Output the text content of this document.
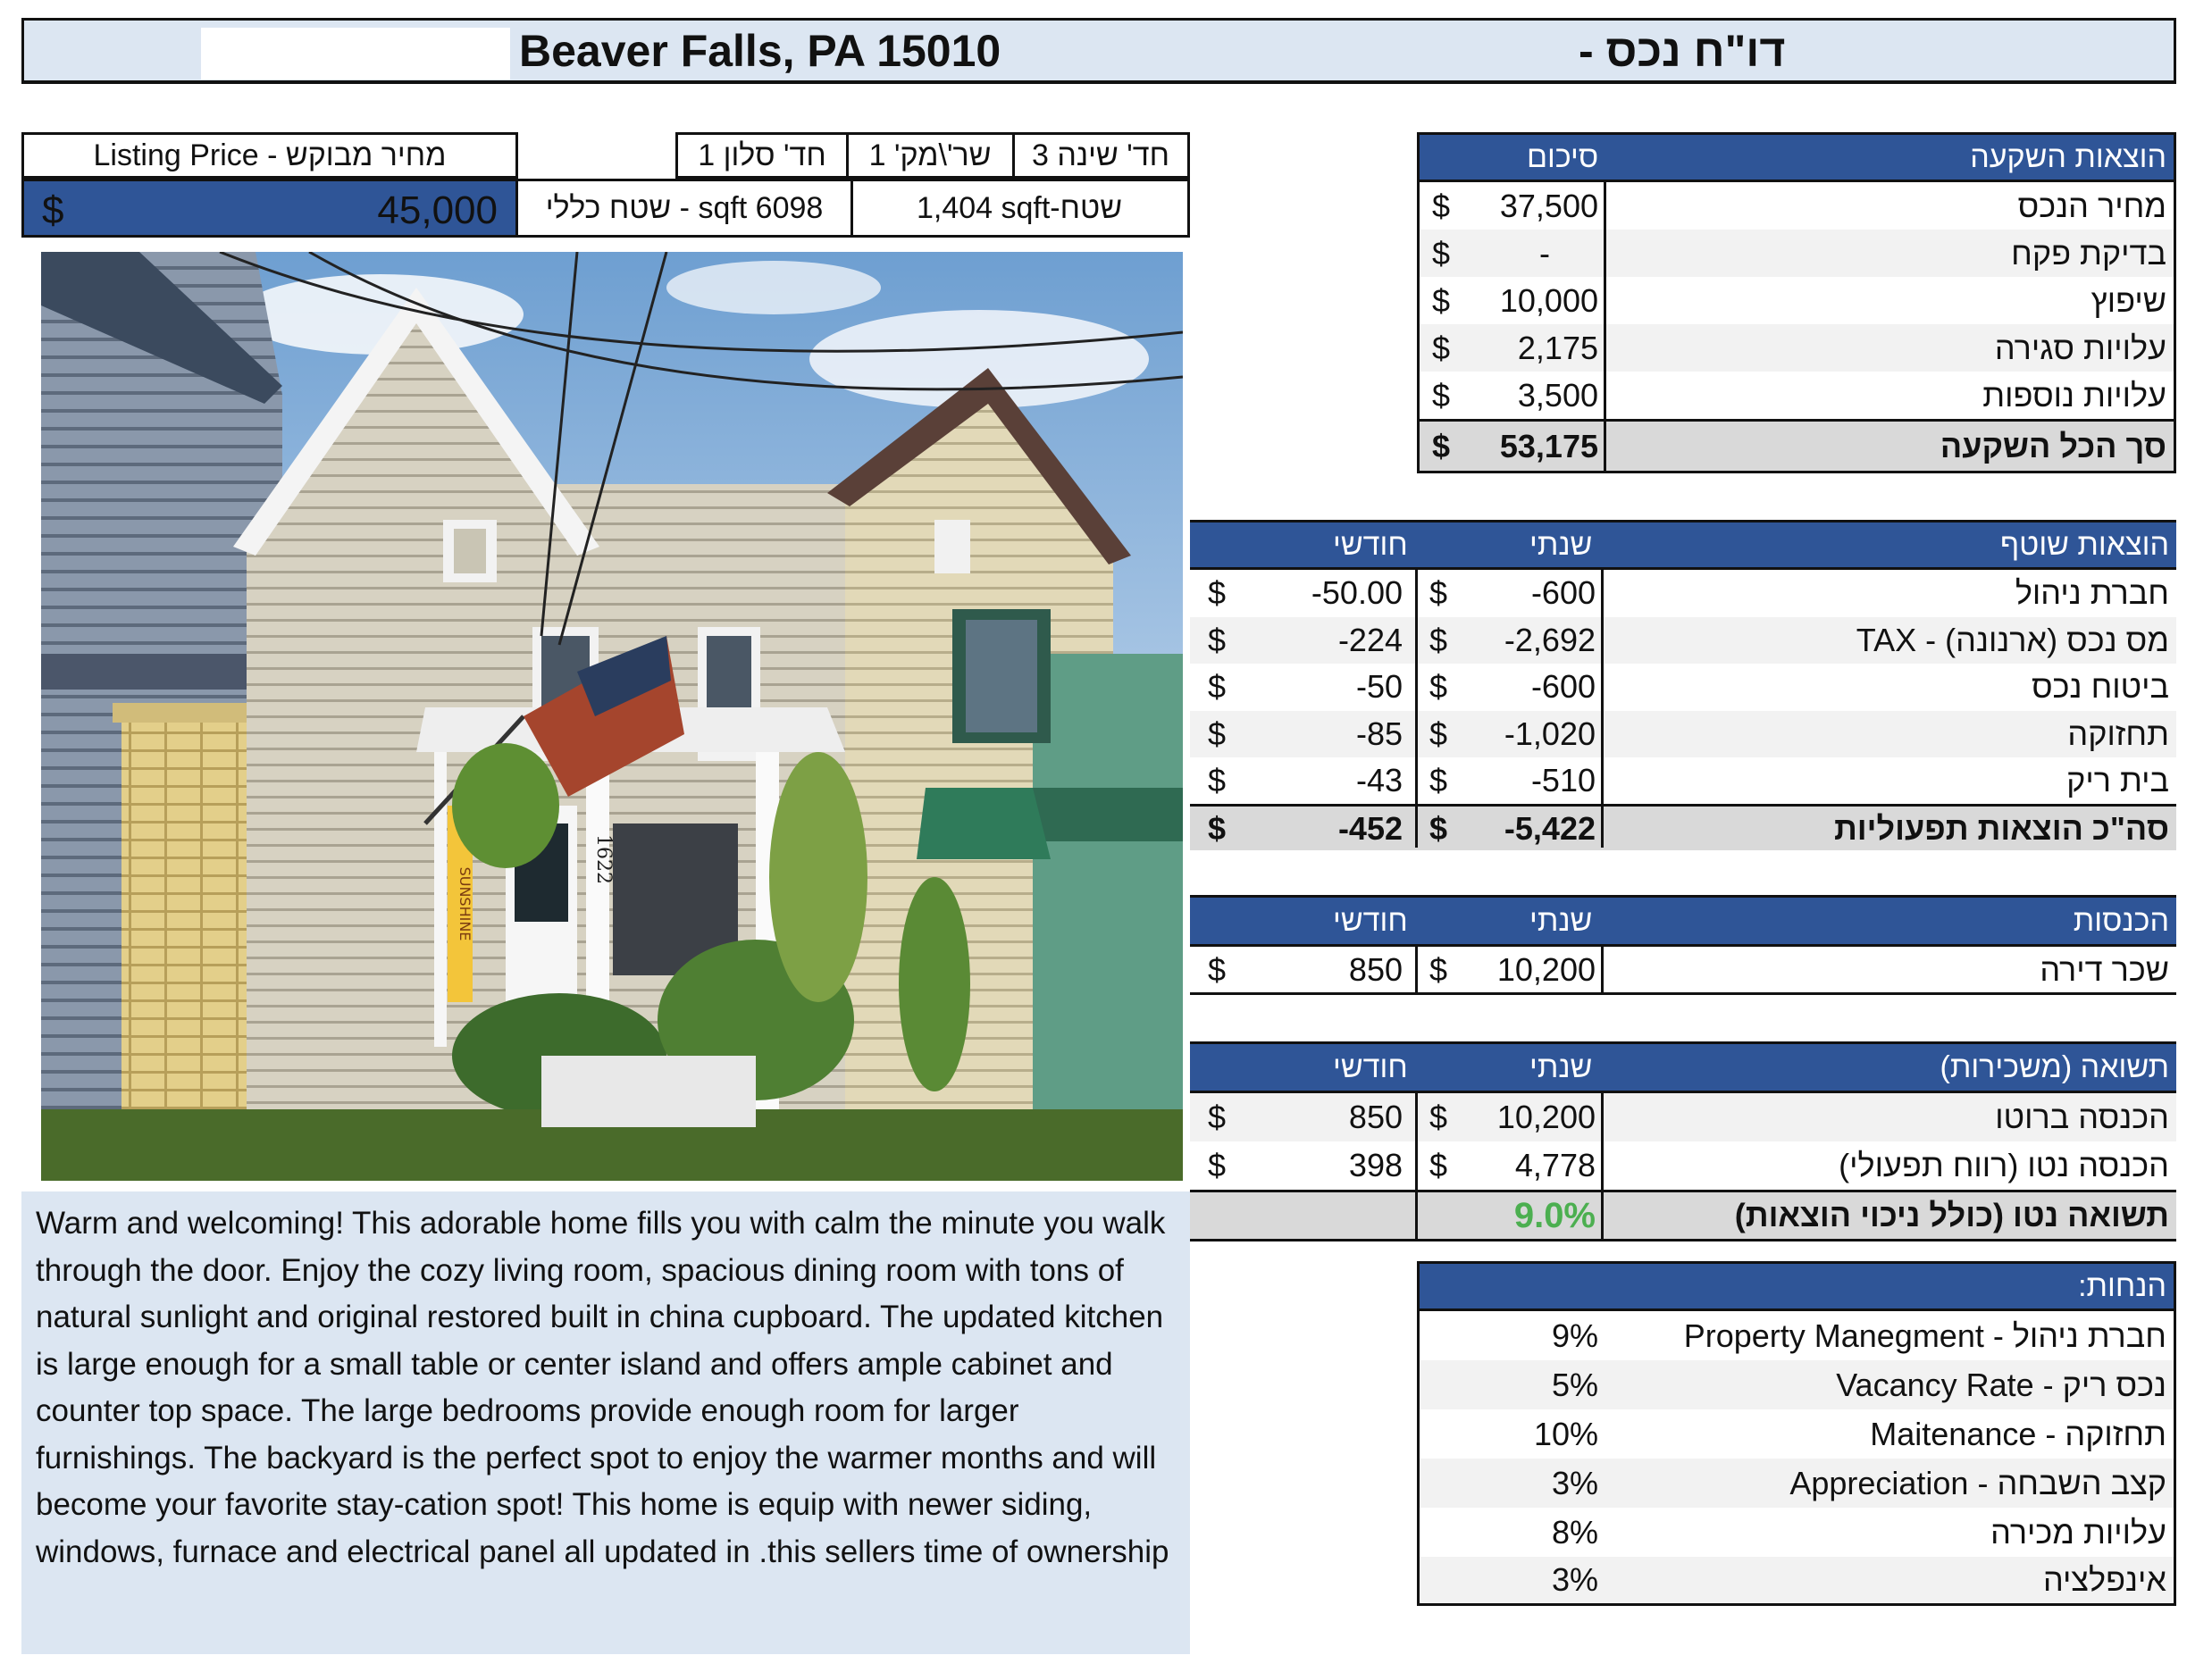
Beaver Falls, PA 15010	דו"ח נכס -
Listing Price - מחיר מבוקש
$	45,000
חד' שינה 3
שר'\מק' 1
חד' סלון 1
sqft 6098 - שטח כללי	1,404 sqft-שטח
1622
SUNSHINE
Warm and welcoming! This adorable home fills you with calm the minute you walk through the door. Enjoy the cozy living room, spacious dining room with tons of natural sunlight and original restored built in china cupboard. The updated kitchen is large enough for a small table or center island and offers ample cabinet and counter top space. The large bedrooms provide enough room for larger furnishings. The backyard is the perfect spot to enjoy the warmer months and will become your favorite stay-cation spot! This home is equip with newer siding, windows, furnace and electrical panel all updated in .this sellers time of ownership
הוצאות השקעה
סיכום
$ 37,500	מחיר הנכס
$	-	בדיקת פקח
$ 10,000	שיפוץ
$	2,175	עלויות סגירה
$	3,500	עלויות נוספות
$ 53,175	סך הכל השקעה
הוצאות שוטף
שנתי
חודשי
$	-50.00 $	-600	חברת ניהול
$	-224 $	-2,692	מס נכס (ארנונה) - TAX
$	-50 $	-600	ביטוח נכס
$	-85 $	-1,020	תחזוקה
$	-43 $	-510	בית ריק
$	-452 $	-5,422	סה"כ הוצאות תפעוליות
הכנסות
שנתי
חודשי
$	850 $	10,200	שכר דירה
תשואה (משכירות)
שנתי
חודשי
$	850 $	10,200	הכנסה ברוטו
$	398 $	4,778	הכנסה נטו (רווח תפעולי)
9.0%	תשואה נטו (כולל ניכוי הוצאות)
הנחות:
9%	חברת ניהול - Property Manegment
5%	נכס ריק - Vacancy Rate
10%	תחזוקה - Maitenance
3%	קצב השבחה - Appreciation
8%	עלויות מכירה
3%	אינפלציה
